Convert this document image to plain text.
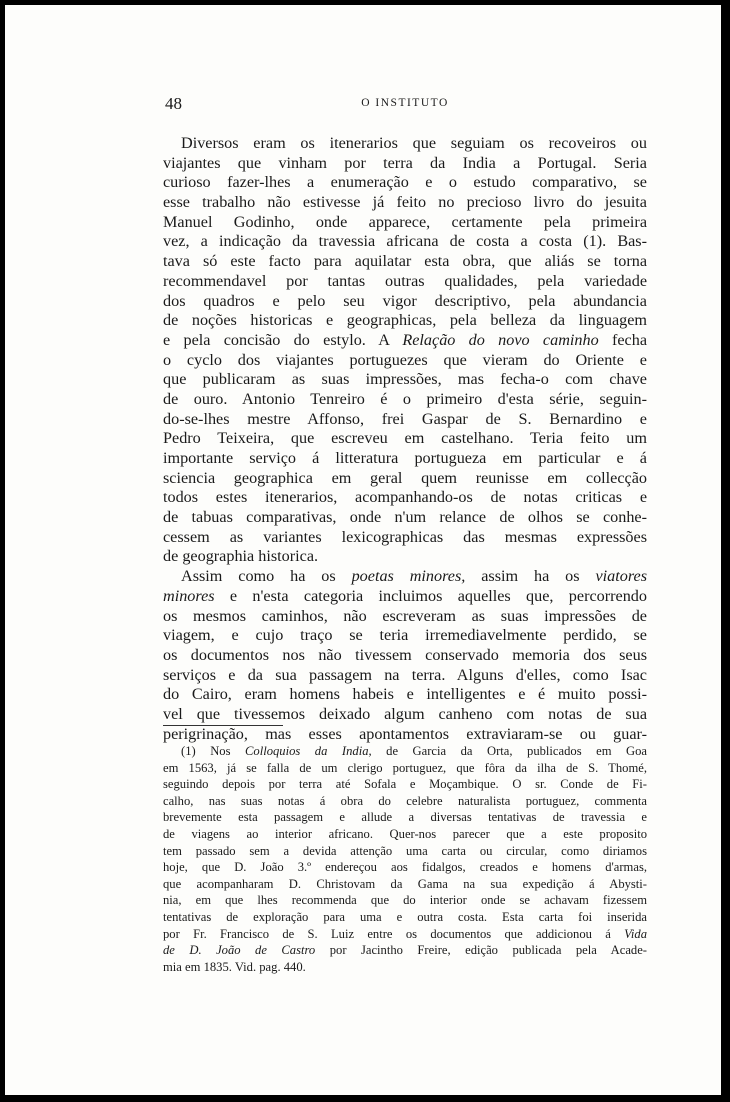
48	O INSTITUTO
Diversos eram os itenerarios que seguiam os recoveiros ou
viajantes que vinham por terra da India a Portugal. Seria
curioso fazer-lhes a enumeração e o estudo comparativo, se
esse trabalho não estivesse já feito no precioso livro do jesuita
Manuel Godinho, onde apparece, certamente pela primeira
vez, a indicação da travessia africana de costa a costa (1). Bas-
tava só este facto para aquilatar esta obra, que aliás se torna
recommendavel por tantas outras qualidades, pela variedade
dos quadros e pelo seu vigor descriptivo, pela abundancia
de noções historicas e geographicas, pela belleza da linguagem
e pela concisão do estylo. A Relação do novo caminho fecha
o cyclo dos viajantes portuguezes que vieram do Oriente e
que publicaram as suas impressões, mas fecha-o com chave
de ouro. Antonio Tenreiro é o primeiro d'esta série, seguin-
do-se-lhes mestre Affonso, frei Gaspar de S. Bernardino e
Pedro Teixeira, que escreveu em castelhano. Teria feito um
importante serviço á litteratura portugueza em particular e á
sciencia geographica em geral quem reunisse em collecção
todos estes itenerarios, acompanhando-os de notas criticas e
de tabuas comparativas, onde n'um relance de olhos se conhe-
cessem as variantes lexicographicas das mesmas expressões
de geographia historica.
Assim como ha os poetas minores, assim ha os viatores
minores e n'esta categoria incluimos aquelles que, percorrendo
os mesmos caminhos, não escreveram as suas impressões de
viagem, e cujo traço se teria irremediavelmente perdido, se
os documentos nos não tivessem conservado memoria dos seus
serviços e da sua passagem na terra. Alguns d'elles, como Isac
do Cairo, eram homens habeis e intelligentes e é muito possi-
vel que tivessemos deixado algum canheno com notas de sua
perigrinação, mas esses apontamentos extraviaram-se ou guar-
(1) Nos Colloquios da India, de Garcia da Orta, publicados em Goa
em 1563, já se falla de um clerigo portuguez, que fôra da ilha de S. Thomé,
seguindo depois por terra até Sofala e Moçambique. O sr. Conde de Fi-
calho, nas suas notas á obra do celebre naturalista portuguez, commenta
brevemente esta passagem e allude a diversas tentativas de travessia e
de viagens ao interior africano. Quer-nos parecer que a este proposito
tem passado sem a devida attenção uma carta ou circular, como diriamos
hoje, que D. João 3.º endereçou aos fidalgos, creados e homens d'armas,
que acompanharam D. Christovam da Gama na sua expedição á Abysti-
nia, em que lhes recommenda que do interior onde se achavam fizessem
tentativas de exploração para uma e outra costa. Esta carta foi inserida
por Fr. Francisco de S. Luiz entre os documentos que addicionou á Vida
de D. João de Castro por Jacintho Freire, edição publicada pela Acade-
mia em 1835. Vid. pag. 440.
